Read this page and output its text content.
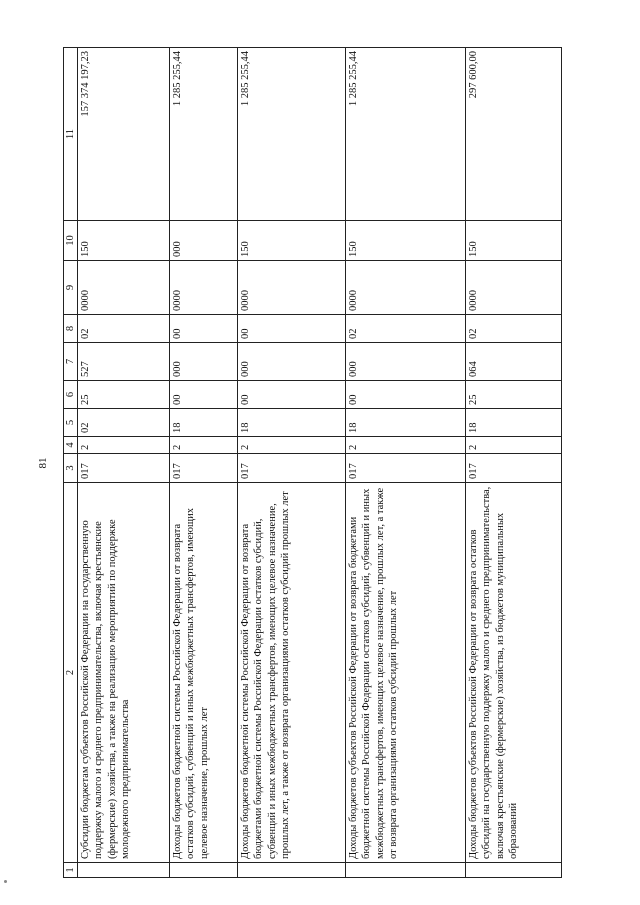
81
1	2	3	4	5	6	7	8	9	10	11
	Субсидии бюджетам субъектов Российской Федерации на государственную поддержку малого и среднего предпринимательства, включая крестьянские (фермерские) хозяйства, а также на реализацию мероприятий по поддержке молодежного предпринимательства	017	2	02	25	527	02	0000	150	157 374 197,23
	Доходы бюджетов бюджетной системы Российской Федерации от возврата остатков субсидий, субвенций и иных межбюджетных трансфертов, имеющих целевое назначение, прошлых лет	017	2	18	00	000	00	0000	000	1 285 255,44
	Доходы бюджетов бюджетной системы Российской Федерации от возврата бюджетами бюджетной системы Российской Федерации остатков субсидий, субвенций и иных межбюджетных трансфертов, имеющих целевое назначение, прошлых лет, а также от возврата организациями остатков субсидий прошлых лет	017	2	18	00	000	00	0000	150	1 285 255,44
	Доходы бюджетов субъектов Российской Федерации от возврата бюджетами бюджетной системы Российской Федерации остатков субсидий, субвенций и иных межбюджетных трансфертов, имеющих целевое назначение, прошлых лет, а также от возврата организациями остатков субсидий прошлых лет	017	2	18	00	000	02	0000	150	1 285 255,44
	Доходы бюджетов субъектов Российской Федерации от возврата остатков субсидий на государственную поддержку малого и среднего предпринимательства, включая крестьянские (фермерские) хозяйства, из бюджетов муниципальных образований	017	2	18	25	064	02	0000	150	297 600,00
